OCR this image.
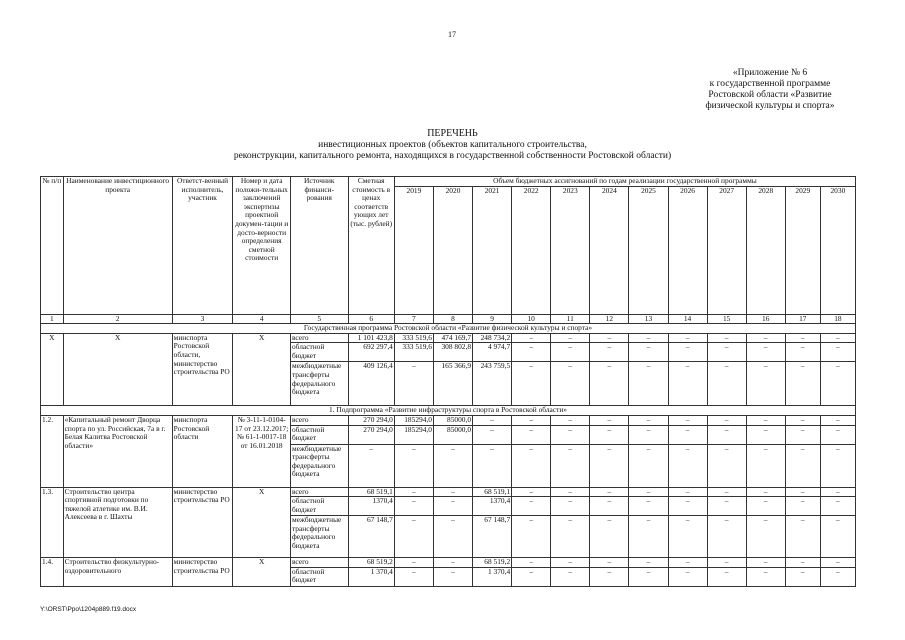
17
«Приложение № 6
к государственной программе
Ростовской области «Развитие
физической культуры и спорта»
ПЕРЕЧЕНЬ
инвестиционных проектов (объектов капитального строительства,
реконструкции, капитального ремонта, находящихся в государственной собственности Ростовской области)
№ п/п	Наименование инвестиционного проекта	Ответст-венный исполнитель, участник	Номер и дата положи-тельных заключений экспертизы проектной докумен-тации и досто-верности определения сметной стоимости	Источник финанси-рования	Сметная стоимость в ценах соответств ующих лет (тыс. рублей)	Объем бюджетных ассигнований по годам реализации государственной программы											
						2019	2020	2021	2022	2023	2024	2025	2026	2027	2028	2029	2030
1	2	3	4	5	6	7	8	9	10	11	12	13	14	15	16	17	18
Государственная программа Ростовской области «Развитие физической культуры и спорта»																	
X	X	минспорта Ростовской области, министерство строительства РО	X	всего	1 101 423,8	333 519,6	474 169,7	248 734,2	–	–	–	–	–	–	–	–	–
				областной бюджет	692 297,4	333 519,6	308 802,8	4 974,7	–	–	–	–	–	–	–	–	–
				межбюджетные трансферты федерального бюджета	409 126,4	–	165 366,9	243 759,5	–	–	–	–	–	–	–	–	–
1. Подпрограмма «Развитие инфраструктуры спорта в Ростовской области»																	
1.2.	«Капитальный ремонт Дворца спорта по ул. Российская, 7а в г. Белая Калитва Ростовской области»	минспорта Ростовской области	№ 3-11-1-0104-17 от 23.12.2017; № 61-1-0017-18 от 16.01.2018	всего	270 294,0	185294,0	85000,0	–	–	–	–	–	–	–	–	–	–
				областной бюджет	270 294,0	185294,0	85000,0	–	–	–	–	–	–	–	–	–	–
				межбюджетные трансферты федерального бюджета	–	–	–	–	–	–	–	–	–	–	–	–	–
1.3.	Строительство центра спортивной подготовки по тяжелой атлетике им. В.И. Алексеева в г. Шахты	министерство строительства РО	X	всего	68 519,1	–	–	68 519,1	–	–	–	–	–	–	–	–	–
				областной бюджет	1370,4	–	–	1370,4	–	–	–	–	–	–	–	–	–
				межбюджетные трансферты федерального бюджета	67 148,7	–	–	67 148,7	–	–	–	–	–	–	–	–	–
1.4.	Строительство физкультурно-оздоровительного	министерство строительства РО	X	всего	68 519,2	–	–	68 519,2	–	–	–	–	–	–	–	–	–
				областной бюджет	1 370,4	–	–	1 370,4	–	–	–	–	–	–	–	–	–
Y:\ORST\Ppo\1204p889.f19.docx
